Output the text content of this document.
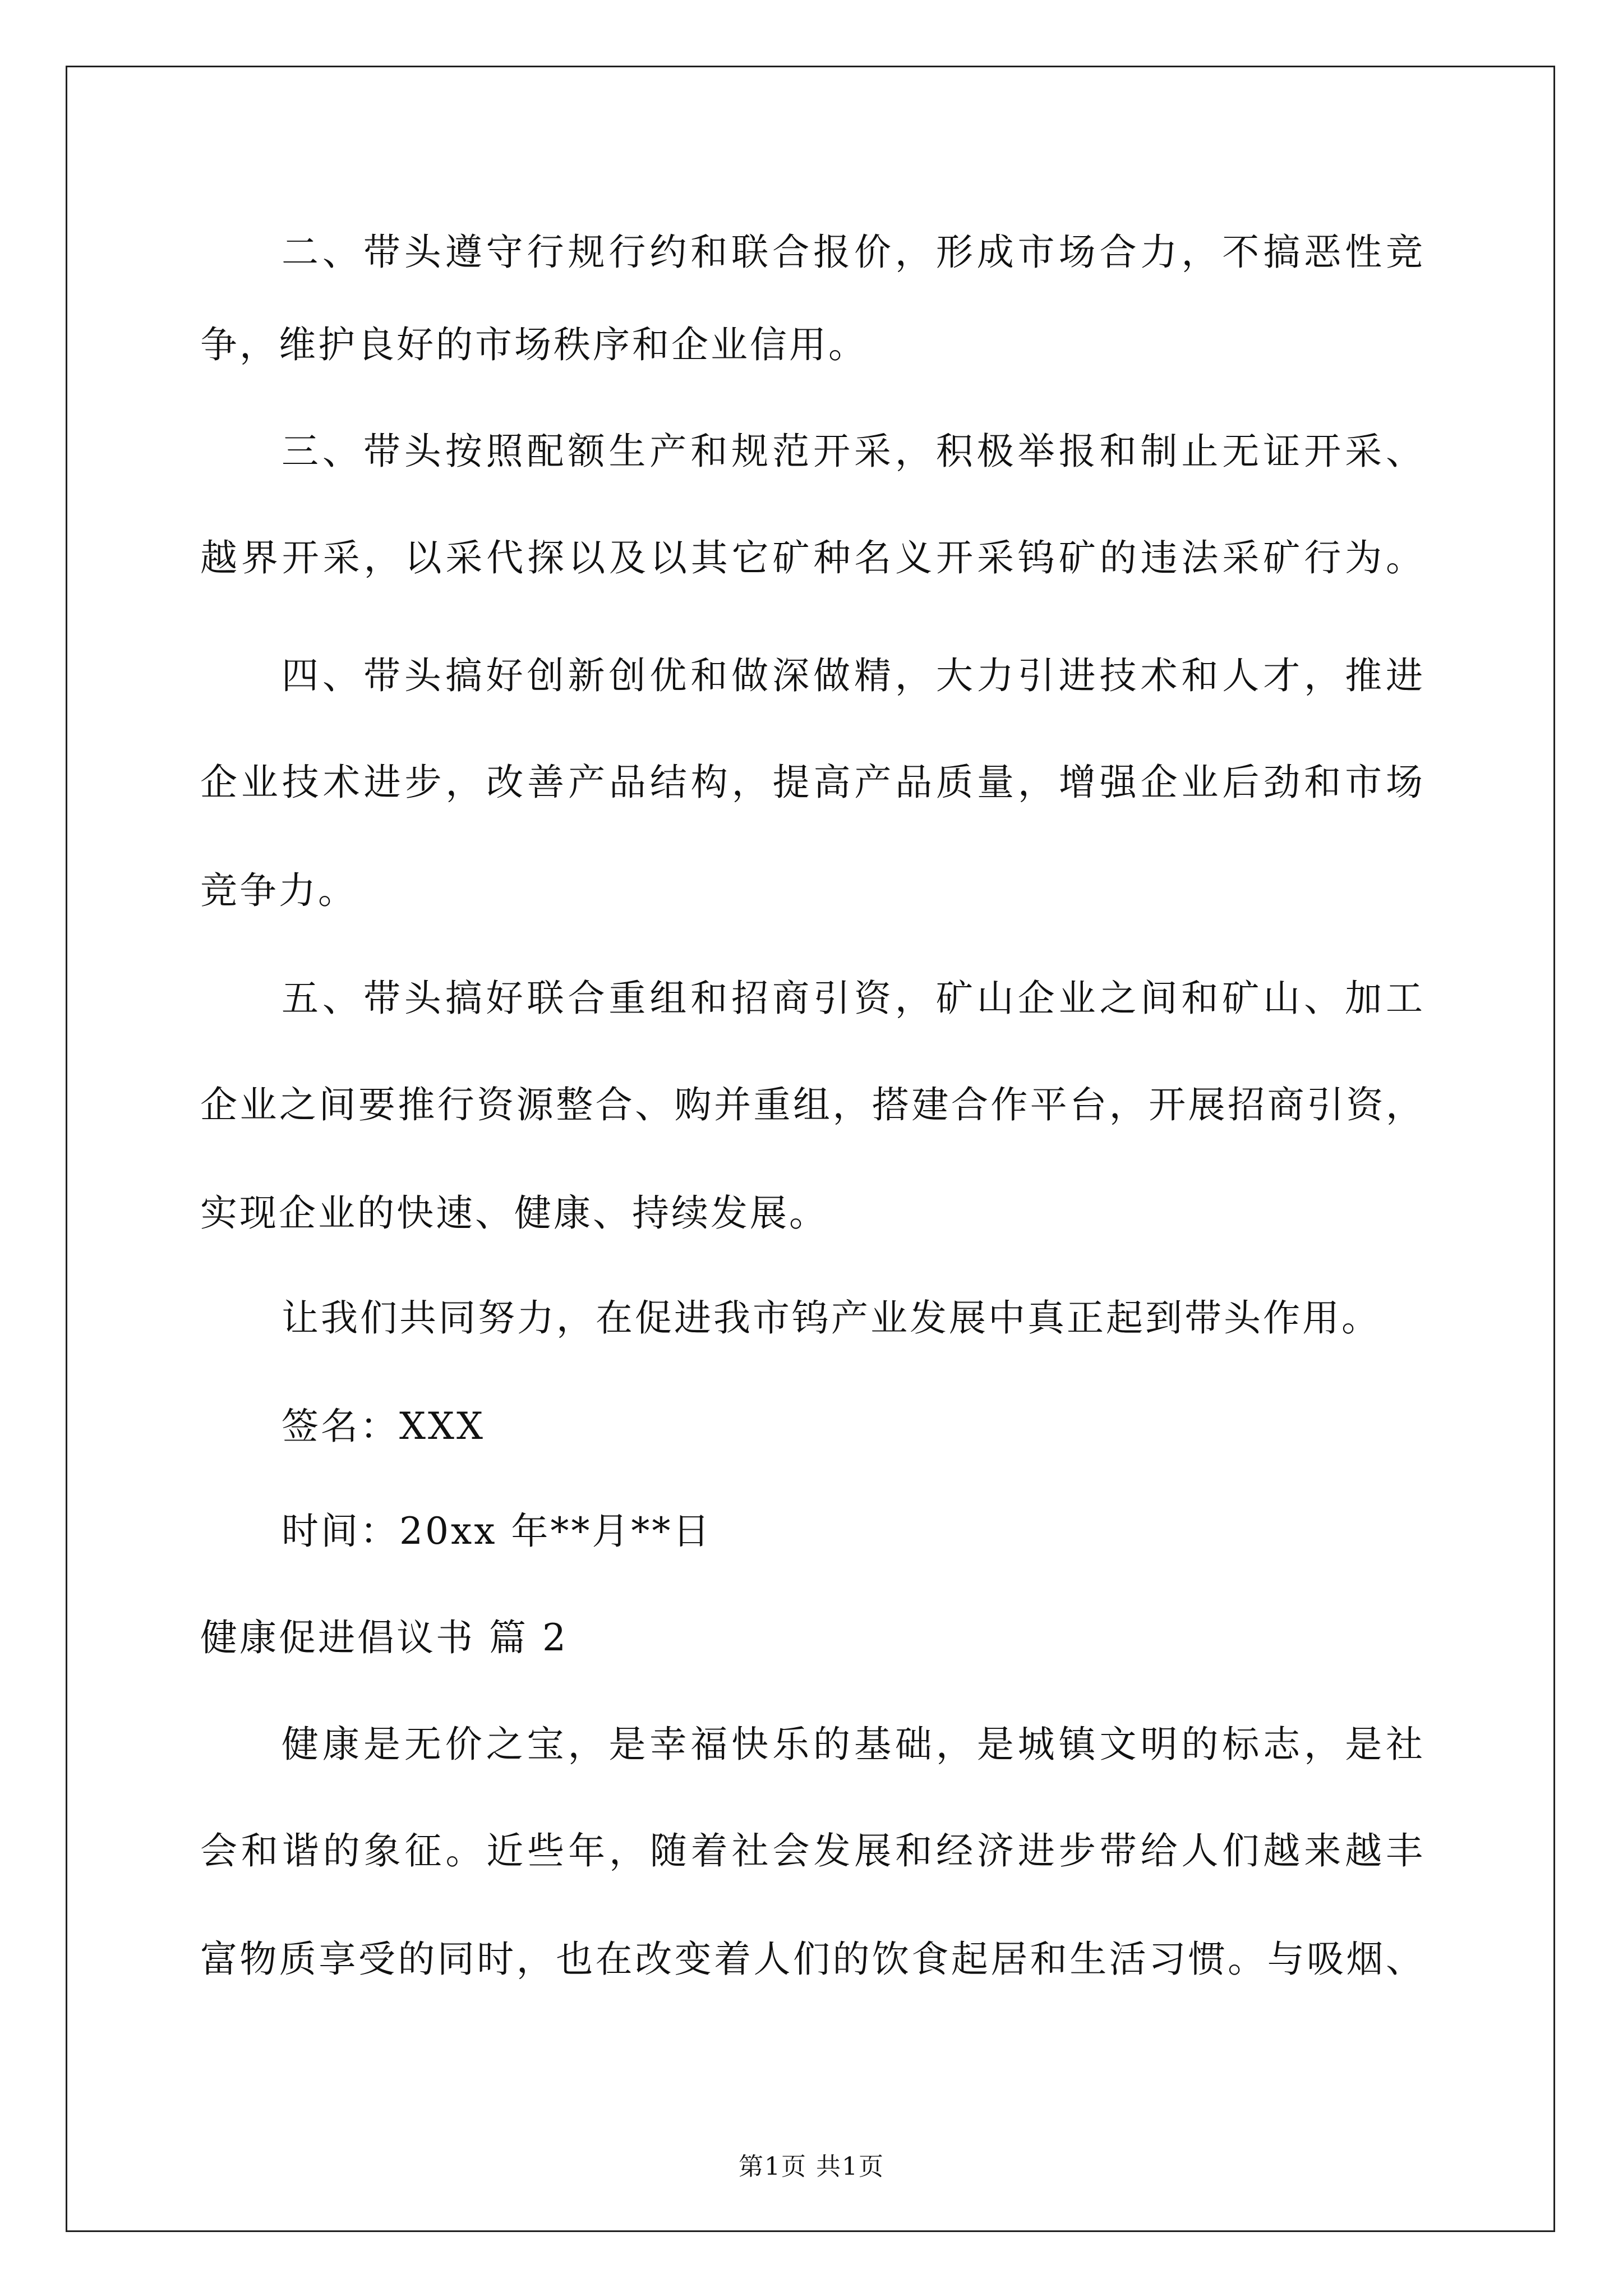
二、带头遵守行规行约和联合报价，形成市场合力，不搞恶性竞
争，维护良好的市场秩序和企业信用。
三、带头按照配额生产和规范开采，积极举报和制止无证开采、
越界开采，以采代探以及以其它矿种名义开采钨矿的违法采矿行为。
四、带头搞好创新创优和做深做精，大力引进技术和人才，推进
企业技术进步，改善产品结构，提高产品质量，增强企业后劲和市场
竞争力。
五、带头搞好联合重组和招商引资，矿山企业之间和矿山、加工
企业之间要推行资源整合、购并重组，搭建合作平台，开展招商引资，
实现企业的快速、健康、持续发展。
让我们共同努力，在促进我市钨产业发展中真正起到带头作用。
签名：XXX
时间：20xx 年**月**日
健康促进倡议书 篇 2
健康是无价之宝，是幸福快乐的基础，是城镇文明的标志，是社
会和谐的象征。近些年，随着社会发展和经济进步带给人们越来越丰
富物质享受的同时，也在改变着人们的饮食起居和生活习惯。与吸烟、
第1页 共1页
